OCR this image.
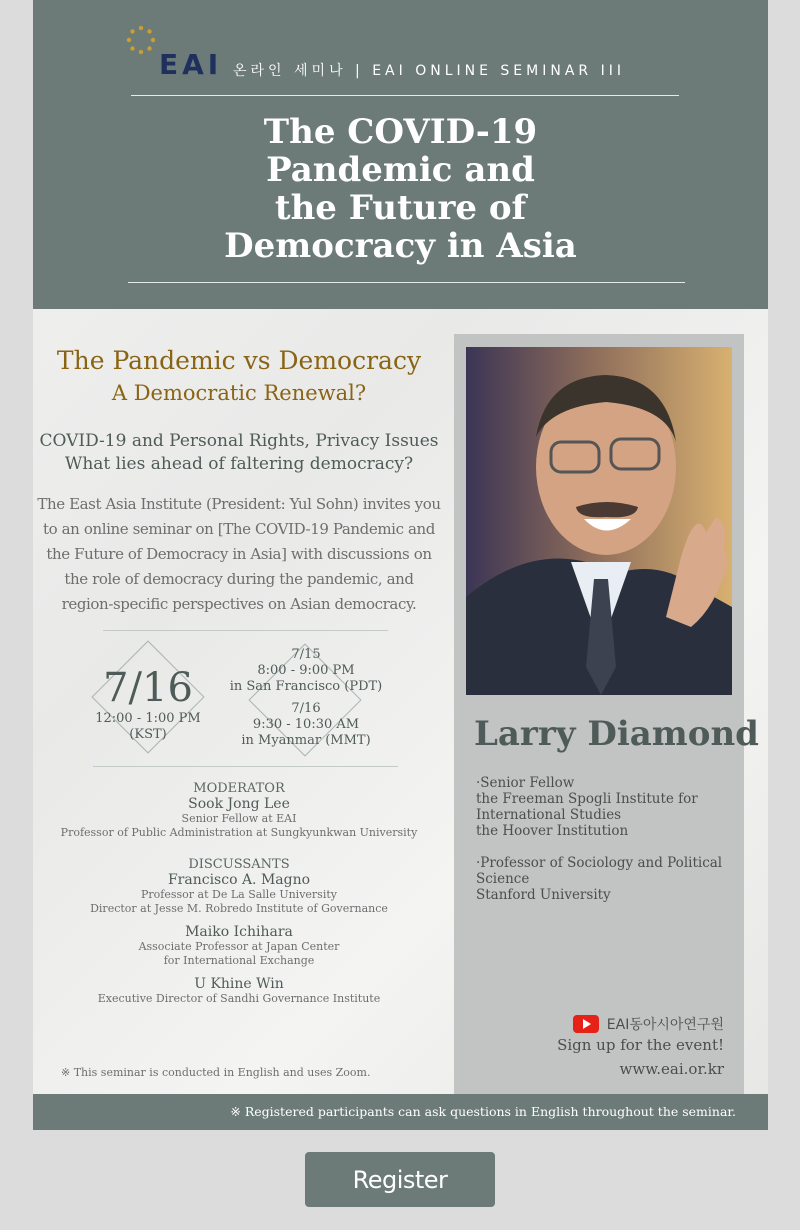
EAI 온라인 세미나 | EAI ONLINE SEMINAR III
The COVID-19
Pandemic and
the Future of
Democracy in Asia
The Pandemic vs Democracy
A Democratic Renewal?
COVID-19 and Personal Rights, Privacy Issues
What lies ahead of faltering democracy?
The East Asia Institute (President: Yul Sohn) invites you
to an online seminar on [The COVID-19 Pandemic and
the Future of Democracy in Asia] with discussions on
the role of democracy during the pandemic, and
region-specific perspectives on Asian democracy.
7/16
12:00 - 1:00 PM
(KST)
7/15
8:00 - 9:00 PM
in San Francisco (PDT)
7/16
9:30 - 10:30 AM
in Myanmar (MMT)
MODERATOR
Sook Jong Lee
Senior Fellow at EAI
Professor of Public Administration at Sungkyunkwan University
DISCUSSANTS
Francisco A. Magno
Professor at De La Salle University
Director at Jesse M. Robredo Institute of Governance
Maiko Ichihara
Associate Professor at Japan Center
for International Exchange
U Khine Win
Executive Director of Sandhi Governance Institute
※ This seminar is conducted in English and uses Zoom.
Larry Diamond
·Senior Fellow
the Freeman Spogli Institute for
International Studies
the Hoover Institution
·Professor of Sociology and Political
Science
Stanford University
EAI동아시아연구원
Sign up for the event!
www.eai.or.kr
※ Registered participants can ask questions in English throughout the seminar.
Register
